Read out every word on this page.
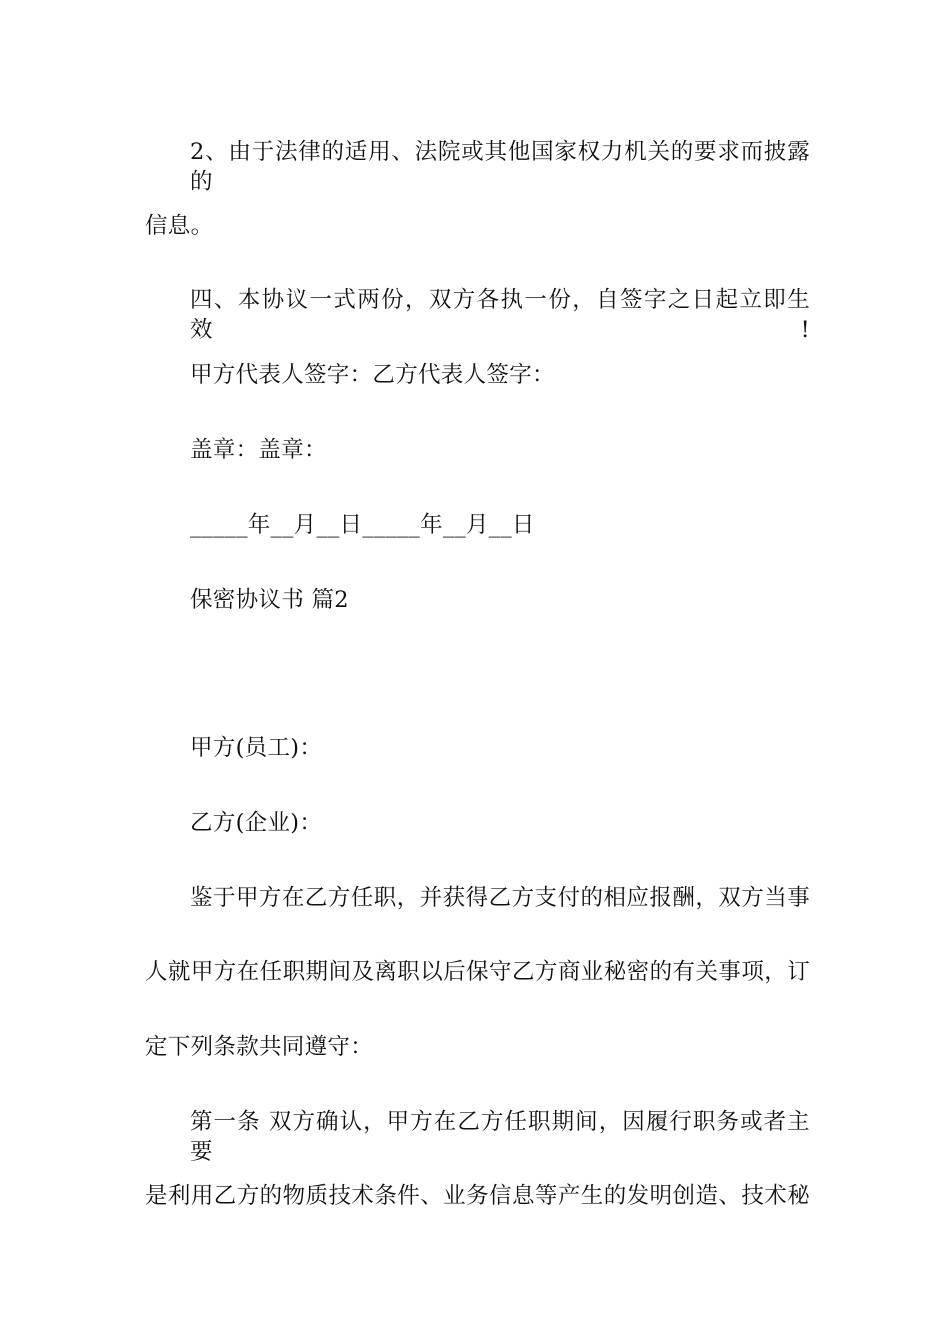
2、由于法律的适用、法院或其他国家权力机关的要求而披露的
信息。
四、本协议一式两份，双方各执一份，自签字之日起立即生效!
甲方代表人签字：乙方代表人签字：
盖章：盖章：
_____年__月__日_____年__月__日
保密协议书 篇2
甲方(员工)：
乙方(企业)：
鉴于甲方在乙方任职，并获得乙方支付的相应报酬，双方当事
人就甲方在任职期间及离职以后保守乙方商业秘密的有关事项，订
定下列条款共同遵守：
第一条 双方确认，甲方在乙方任职期间，因履行职务或者主要
是利用乙方的物质技术条件、业务信息等产生的发明创造、技术秘
